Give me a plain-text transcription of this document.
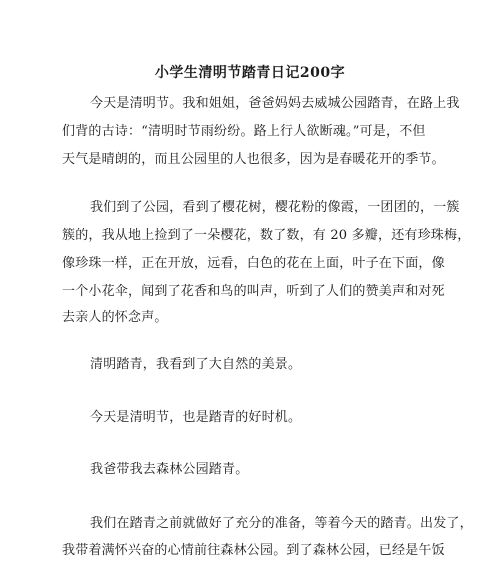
小学生清明节踏青日记200字
今天是清明节。我和姐姐，爸爸妈妈去威城公园踏青，在路上我
们背的古诗：“清明时节雨纷纷。路上行人欲断魂。”可是，不但
天气是晴朗的，而且公园里的人也很多，因为是春暖花开的季节。
我们到了公园，看到了樱花树，樱花粉的像霞，一团团的，一簇
簇的，我从地上捡到了一朵樱花，数了数，有 20 多瓣，还有珍珠梅，
像珍珠一样，正在开放，远看，白色的花在上面，叶子在下面，像
一个小花伞，闻到了花香和鸟的叫声，听到了人们的赞美声和对死
去亲人的怀念声。
清明踏青，我看到了大自然的美景。
今天是清明节，也是踏青的好时机。
我爸带我去森林公园踏青。
我们在踏青之前就做好了充分的准备，等着今天的踏青。出发了，
我带着满怀兴奋的心情前往森林公园。到了森林公园，已经是午饭
